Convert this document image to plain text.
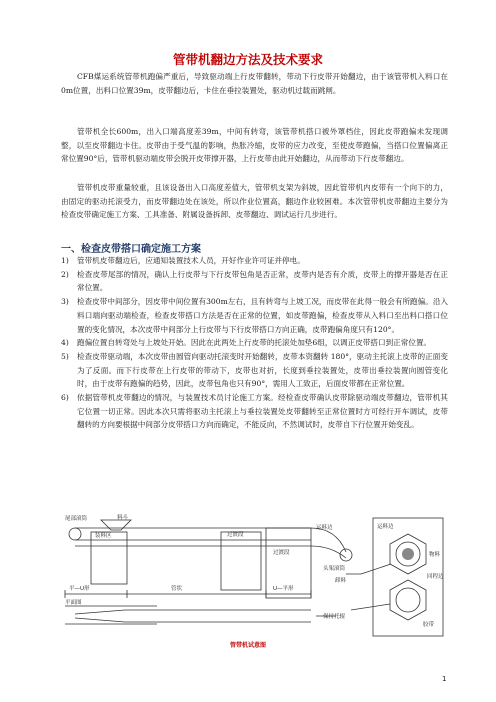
管带机翻边方法及技术要求

CFB煤运系统管带机跑偏严重后，导致驱动端上行皮带翻转，带动下行皮带开始翻边，由于该管带机入料口在0m位置，出料口位置39m，皮带翻边后，卡住在垂拉装置处，驱动机过载而跳闸。

管带机全长600m，出入口端高度差39m，中间有转弯，该管带机搭口被外罩档住，因此皮带跑偏未发现调整，以至皮带翻边卡住。皮带由于受气温的影响，热胀冷缩，皮带的应力改变，至使皮带跑偏，当搭口位置偏离正常位置90°后，管带机驱动端皮带会脱开皮带撑开器，上行皮带由此开始翻边，从而带动下行皮带翻边。

管带机皮带重量较重，且该设备出入口高度差值大，管带机支架为斜坡，因此管带机内皮带有一个向下的力，由固定的驱动托滚受力，而皮带翻边处在该处，所以作业位置高，翻边作业较困难。本次管带机皮带翻边主要分为检查皮带确定施工方案、工具准备、附属设备拆卸、皮带翻边、调试运行几步进行。

一、检查皮带搭口确定施工方案
1) 管带机皮带翻边后，应通知装置技术人员，开好作业许可证并停电。
2) 检查皮带尾部的情况，确认上行皮带与下行皮带包角是否正常，皮带内是否有介质，皮带上的撑开器是否在正常位置。
3) 检查皮带中间部分，因皮带中间位置有300m左右，且有转弯与上坡工况，而皮带在此得一般会有所跑偏。沿入料口端向驱动端检查，检查皮带搭口方法是否在正常的位置，如皮带跑偏，检查皮带从入料口至出料口搭口位置的变化情况，本次皮带中间部分上行皮带与下行皮带搭口方向正确，皮带跑偏角度只有120°。
4) 跑偏位置自转弯处与上坡处开始。因此在此两处上行皮带的托滚处加垫6组，以调正皮带搭口到正常位置。
5) 检查皮带驱动端，本次皮带由圆管向驱动托滚变时开始翻转，皮带本资翻转 180°，驱动主托滚上皮带的正面变为了反面。而下行皮带在上行皮带的带动下，皮带也对折，长度到垂拉装置处，皮带出垂拉装置向圆管变化时，由于皮带有跑偏的趋势，因此，皮带包角也只有90°，需用人工致正，后面皮带都在正常位置。
6) 依据管带机皮带翻边的情况，与装置技术员讨论施工方案。经检查皮带确认皮带除驱动端皮带翻边，管带机其它位置一切正常。因此本次只需将驱动主托滚上与垂拉装置处皮带翻转至正常位置时方可经行开车调试，皮带翻转的方向要根据中间部分皮带搭口方向而确定，不能反向，不然调试时，皮带自下行位置开始变乱。
尾部滚筒	料斗
装料区	过渡段
过渡段
平—U形	管状	U—平形
平面图
头架滚筒
卸料
保持托辊
运料边	运料边
物料
回程边
胶带
管带机试意图
1
